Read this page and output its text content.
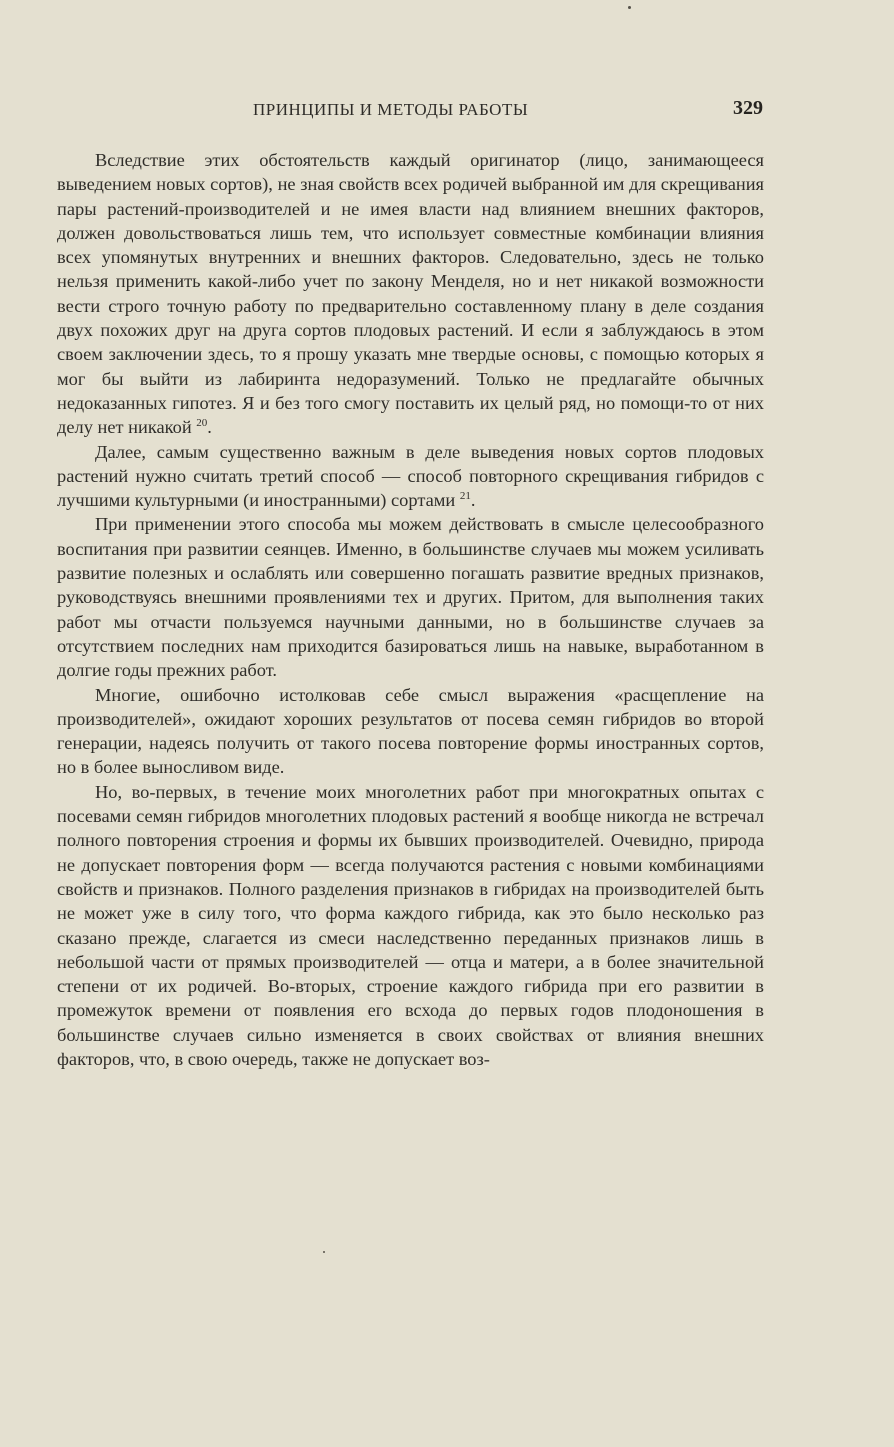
ПРИНЦИПЫ И МЕТОДЫ РАБОТЫ	329

Вследствие этих обстоятельств каждый оригинатор (лицо, занимающееся выведением новых сортов), не зная свойств всех родичей выбранной им для скрещивания пары растений-производителей и не имея власти над влиянием внешних факторов, должен довольствоваться лишь тем, что использует совместные комбинации влияния всех упомянутых внутренних и внешних факторов. Следовательно, здесь не только нельзя применить какой-либо учет по закону Менделя, но и нет никакой возможности вести строго точную работу по предварительно составленному плану в деле создания двух похожих друг на друга сортов плодовых растений. И если я заблуждаюсь в этом своем заключении здесь, то я прошу указать мне твердые основы, с помощью которых я мог бы выйти из лабиринта недоразумений. Только не предлагайте обычных недоказанных гипотез. Я и без того смогу поставить их целый ряд, но помощи-то от них делу нет никакой $^{20}$.

Далее, самым существенно важным в деле выведения новых сортов плодовых растений нужно считать третий способ — способ повторного скрещивания гибридов с лучшими культурными (и иностранными) сортами $^{21}$.

При применении этого способа мы можем действовать в смысле целесообразного воспитания при развитии сеянцев. Именно, в большинстве случаев мы можем усиливать развитие полезных и ослаблять или совершенно погашать развитие вредных признаков, руководствуясь внешними проявлениями тех и других. Притом, для выполнения таких работ мы отчасти пользуемся научными данными, но в большинстве случаев за отсутствием последних нам приходится базироваться лишь на навыке, выработанном в долгие годы прежних работ.

Многие, ошибочно истолковав себе смысл выражения «расщепление на производителей», ожидают хороших результатов от посева семян гибридов во второй генерации, надеясь получить от такого посева повторение формы иностранных сортов, но в более выносливом виде.

Но, во-первых, в течение моих многолетних работ при многократных опытах с посевами семян гибридов многолетних плодовых растений я вообще никогда не встречал полного повторения строения и формы их бывших производителей. Очевидно, природа не допускает повторения форм — всегда получаются растения с новыми комбинациями свойств и признаков. Полного разделения признаков в гибридах на производителей быть не может уже в силу того, что форма каждого гибрида, как это было несколько раз сказано прежде, слагается из смеси наследственно переданных признаков лишь в небольшой части от прямых производителей — отца и матери, а в более значительной степени от их родичей. Во-вторых, строение каждого гибрида при его развитии в промежуток времени от появления его всхода до первых годов плодоношения в большинстве случаев сильно изменяется в своих свойствах от влияния внешних факторов, что, в свою очередь, также не допускает воз-
